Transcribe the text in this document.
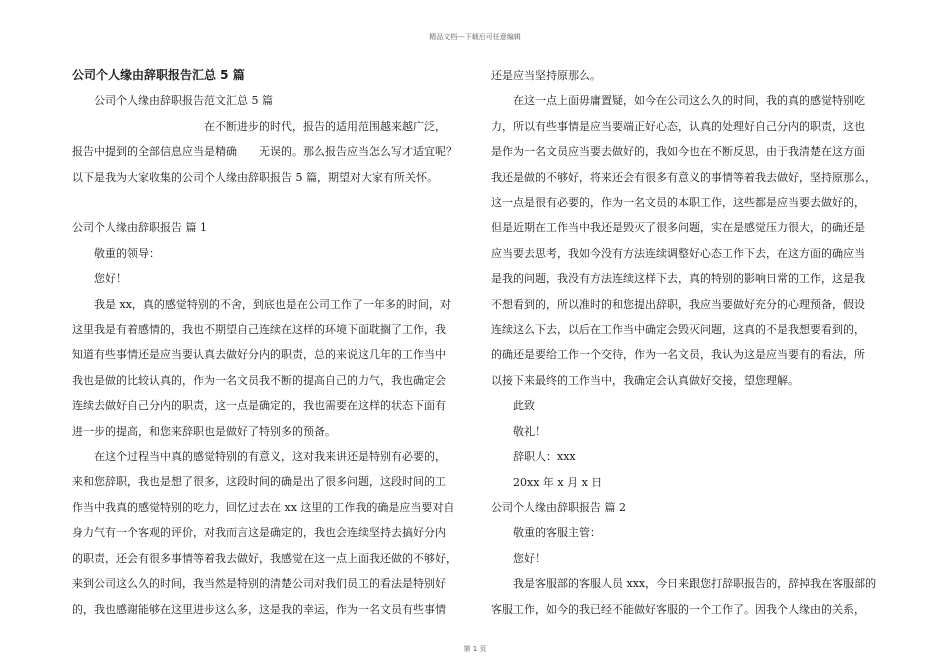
精品文档---下载后可任意编辑

公司个人缘由辞职报告汇总 5 篇

公司个人缘由辞职报告范文汇总 5 篇

在不断进步的时代，报告的适用范围越来越广泛，

报告中提到的全部信息应当是精确　　无误的。那么报告应当怎么写才适宜呢？

以下是我为大家收集的公司个人缘由辞职报告 5 篇，期望对大家有所关怀。

公司个人缘由辞职报告 篇 1

敬重的领导：

您好！

我是 xx，真的感觉特别的不舍，到底也是在公司工作了一年多的时间，对

这里我是有着感情的，我也不期望自己连续在这样的环境下面耽搁了工作，我

知道有些事情还是应当要认真去做好分内的职责，总的来说这几年的工作当中

我也是做的比较认真的，作为一名文员我不断的提高自己的力气，我也确定会

连续去做好自己分内的职责，这一点是确定的，我也需要在这样的状态下面有

进一步的提高，和您来辞职也是做好了特别多的预备。

在这个过程当中真的感觉特别的有意义，这对我来讲还是特别有必要的，

来和您辞职，我也是想了很多，这段时间的确是出了很多问题，这段时间的工

作当中我真的感觉特别的吃力，回忆过去在 xx 这里的工作我的确是应当要对自

身力气有一个客观的评价，对我而言这是确定的，我也会连续坚持去搞好分内

的职责，还会有很多事情等着我去做好，我感觉在这一点上面我还做的不够好，

来到公司这么久的时间，我当然是特别的清楚公司对我们员工的看法是特别好

的，我也感谢能够在这里进步这么多，这是我的幸运，作为一名文员有些事情

还是应当坚持原那么。

在这一点上面毋庸置疑，如今在公司这么久的时间，我的真的感觉特别吃

力，所以有些事情是应当要端正好心态，认真的处理好自己分内的职责，这也

是作为一名文员应当要去做好的，我如今也在不断反思，由于我清楚在这方面

我还是做的不够好，将来还会有很多有意义的事情等着我去做好，坚持原那么，

这一点是很有必要的，作为一名文员的本职工作，这些都是应当要去做好的，

但是近期在工作当中我还是毁灭了很多问题，实在是感觉压力很大，的确还是

应当要去思考，我如今没有方法连续调整好心态工作下去，在这方面的确应当

是我的问题，我没有方法连续这样下去，真的特别的影响日常的工作，这是我

不想看到的，所以准时的和您提出辞职，我应当要做好充分的心理预备，假设

连续这么下去，以后在工作当中确定会毁灭问题，这真的不是我想要看到的，

的确还是要给工作一个交待，作为一名文员，我认为这是应当要有的看法，所

以接下来最终的工作当中，我确定会认真做好交接，望您理解。

此致

敬礼！

辞职人：xxx

20xx 年 x 月 x 日

公司个人缘由辞职报告 篇 2

敬重的客服主管：

您好！

我是客服部的客服人员 xxx，今日来跟您打辞职报告的，辞掉我在客服部的

客服工作，如今的我已经不能做好客服的一个工作了。因我个人缘由的关系，

第 1 页
